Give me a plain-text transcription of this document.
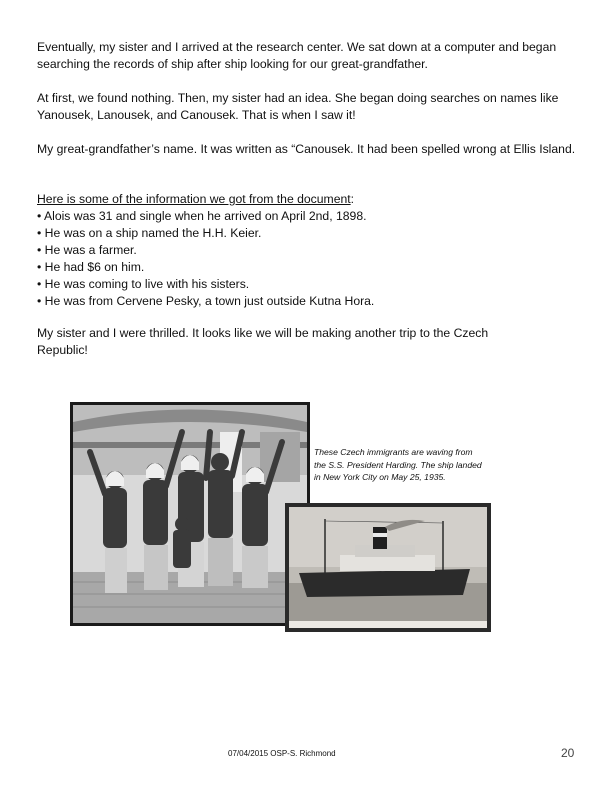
Eventually, my sister and I arrived at the research center. We sat down at a computer and began searching the records of ship after ship looking for our great-grandfather.

At first, we found nothing. Then, my sister had an idea. She began doing searches on names like Yanousek, Lanousek, and Canousek. That is when I saw it!

My great-grandfather’s name. It was written as “Canousek. It had been spelled wrong at Ellis Island.

Here is some of the information we got from the document:
• Alois was 31 and single when he arrived on April 2nd, 1898.
• He was on a ship named the H.H. Keier.
• He was a farmer.
• He had $6 on him.
• He was coming to live with his sisters.
• He was from Cervene Pesky, a town just outside Kutna Hora.

My sister and I were thrilled. It looks like we will be making another trip to the Czech Republic!

These Czech immigrants are waving from the S.S. President Harding. The ship landed in New York City on May 25, 1935.
07/04/2015 OSP-S. Richmond	20
